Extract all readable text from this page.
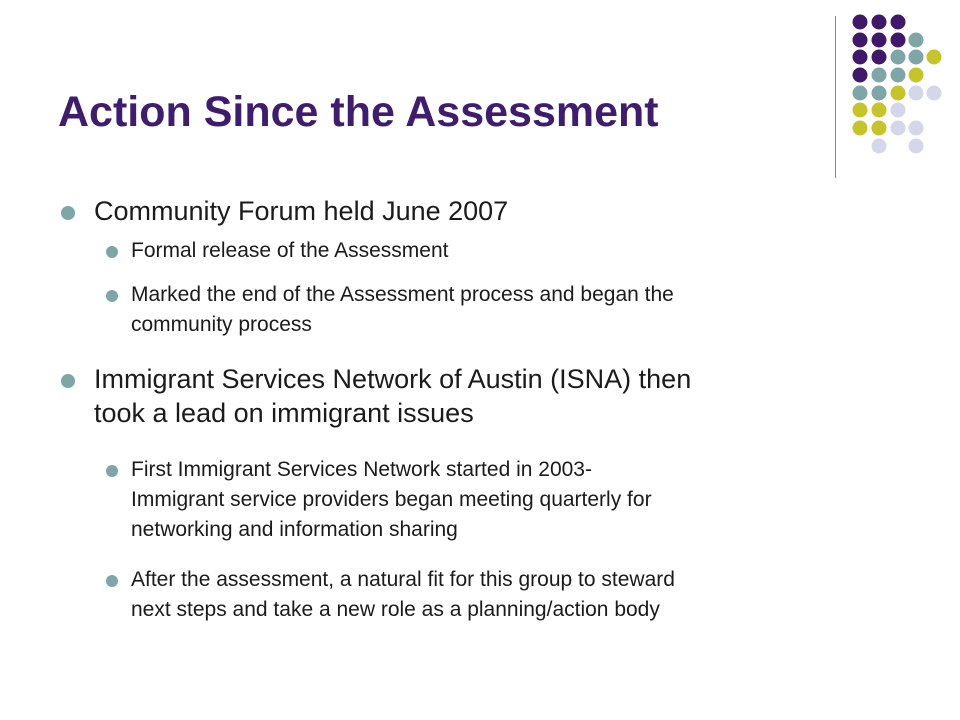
Action Since the Assessment
Community Forum held June 2007
Formal release of the Assessment
Marked the end of the Assessment process and began the
community process
Immigrant Services Network of Austin (ISNA) then
took a lead on immigrant issues
First Immigrant Services Network started in 2003-
Immigrant service providers began meeting quarterly for
networking and information sharing
After the assessment, a natural fit for this group to steward
next steps and take a new role as a planning/action body
